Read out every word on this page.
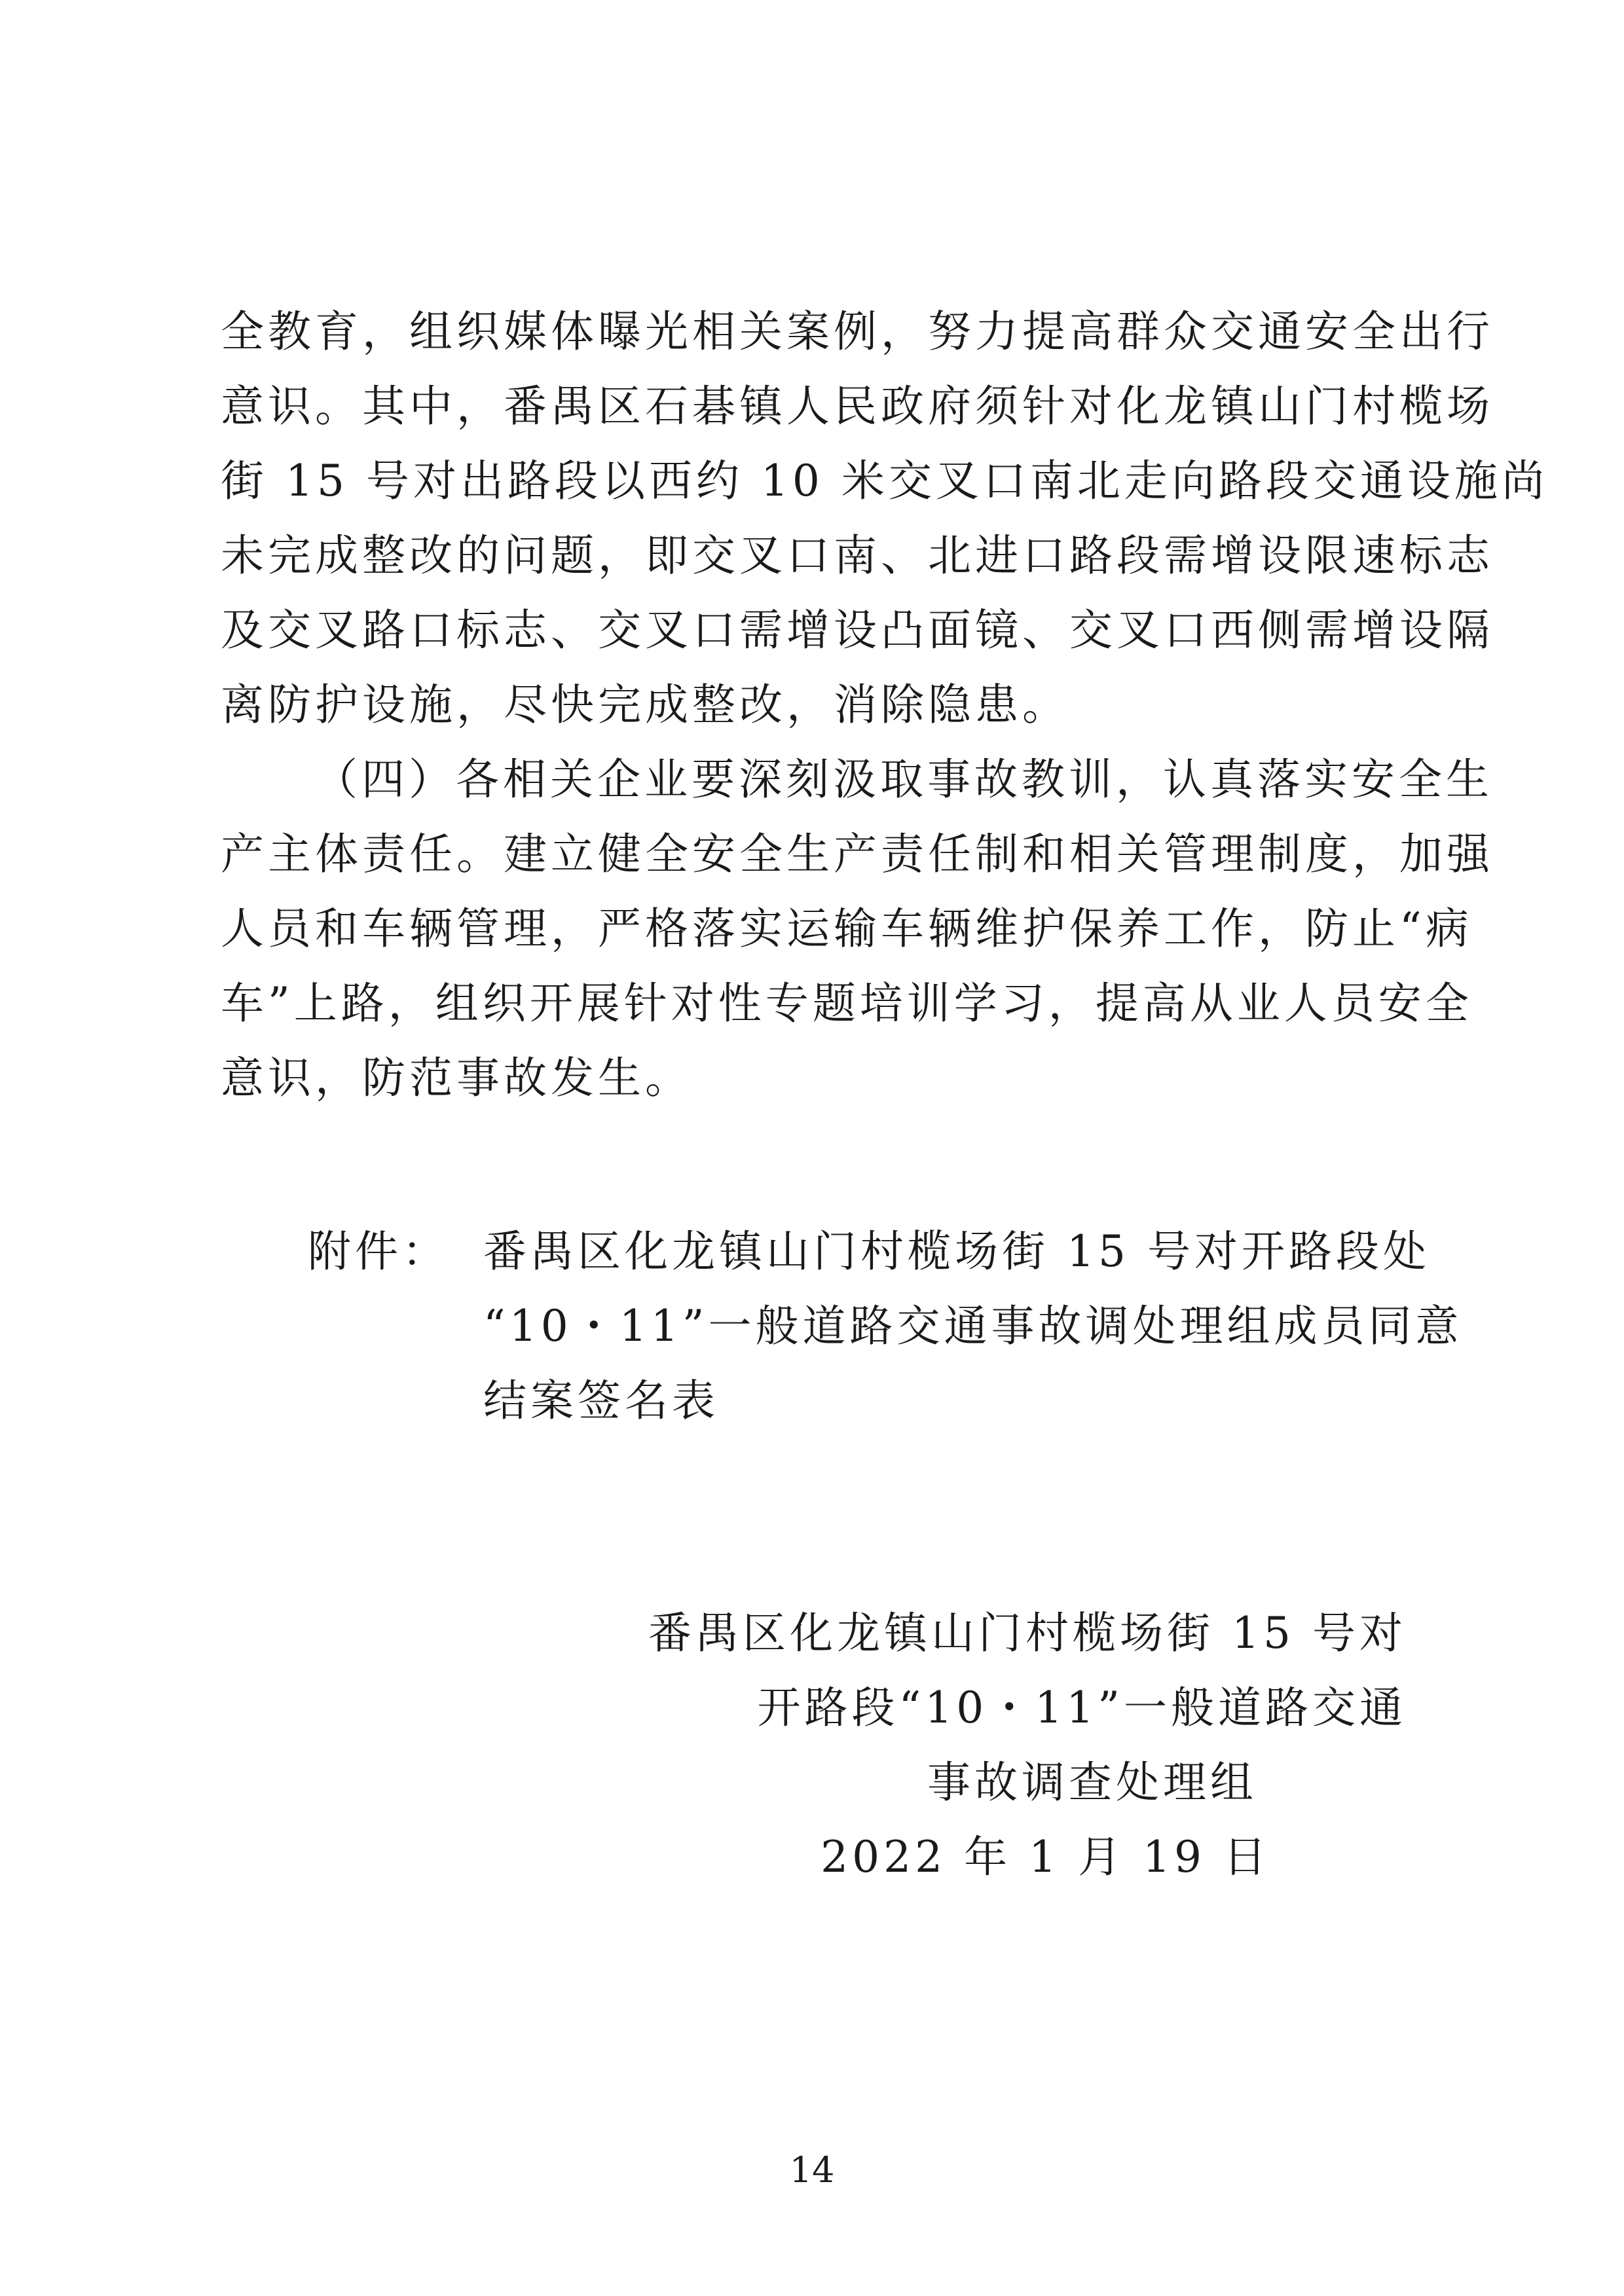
全教育，组织媒体曝光相关案例，努力提高群众交通安全出行
意识。其中，番禺区石碁镇人民政府须针对化龙镇山门村榄场
街 15 号对出路段以西约 10 米交叉口南北走向路段交通设施尚
未完成整改的问题，即交叉口南、北进口路段需增设限速标志
及交叉路口标志、交叉口需增设凸面镜、交叉口西侧需增设隔
离防护设施，尽快完成整改，消除隐患。
（四）各相关企业要深刻汲取事故教训，认真落实安全生
产主体责任。建立健全安全生产责任制和相关管理制度，加强
人员和车辆管理，严格落实运输车辆维护保养工作，防止“病
车”上路，组织开展针对性专题培训学习，提高从业人员安全
意识，防范事故发生。
附件： 番禺区化龙镇山门村榄场街 15 号对开路段处
“10・11”一般道路交通事故调处理组成员同意
结案签名表
番禺区化龙镇山门村榄场街 15 号对
开路段“10・11”一般道路交通
事故调查处理组
2022 年 1 月 19 日
14
